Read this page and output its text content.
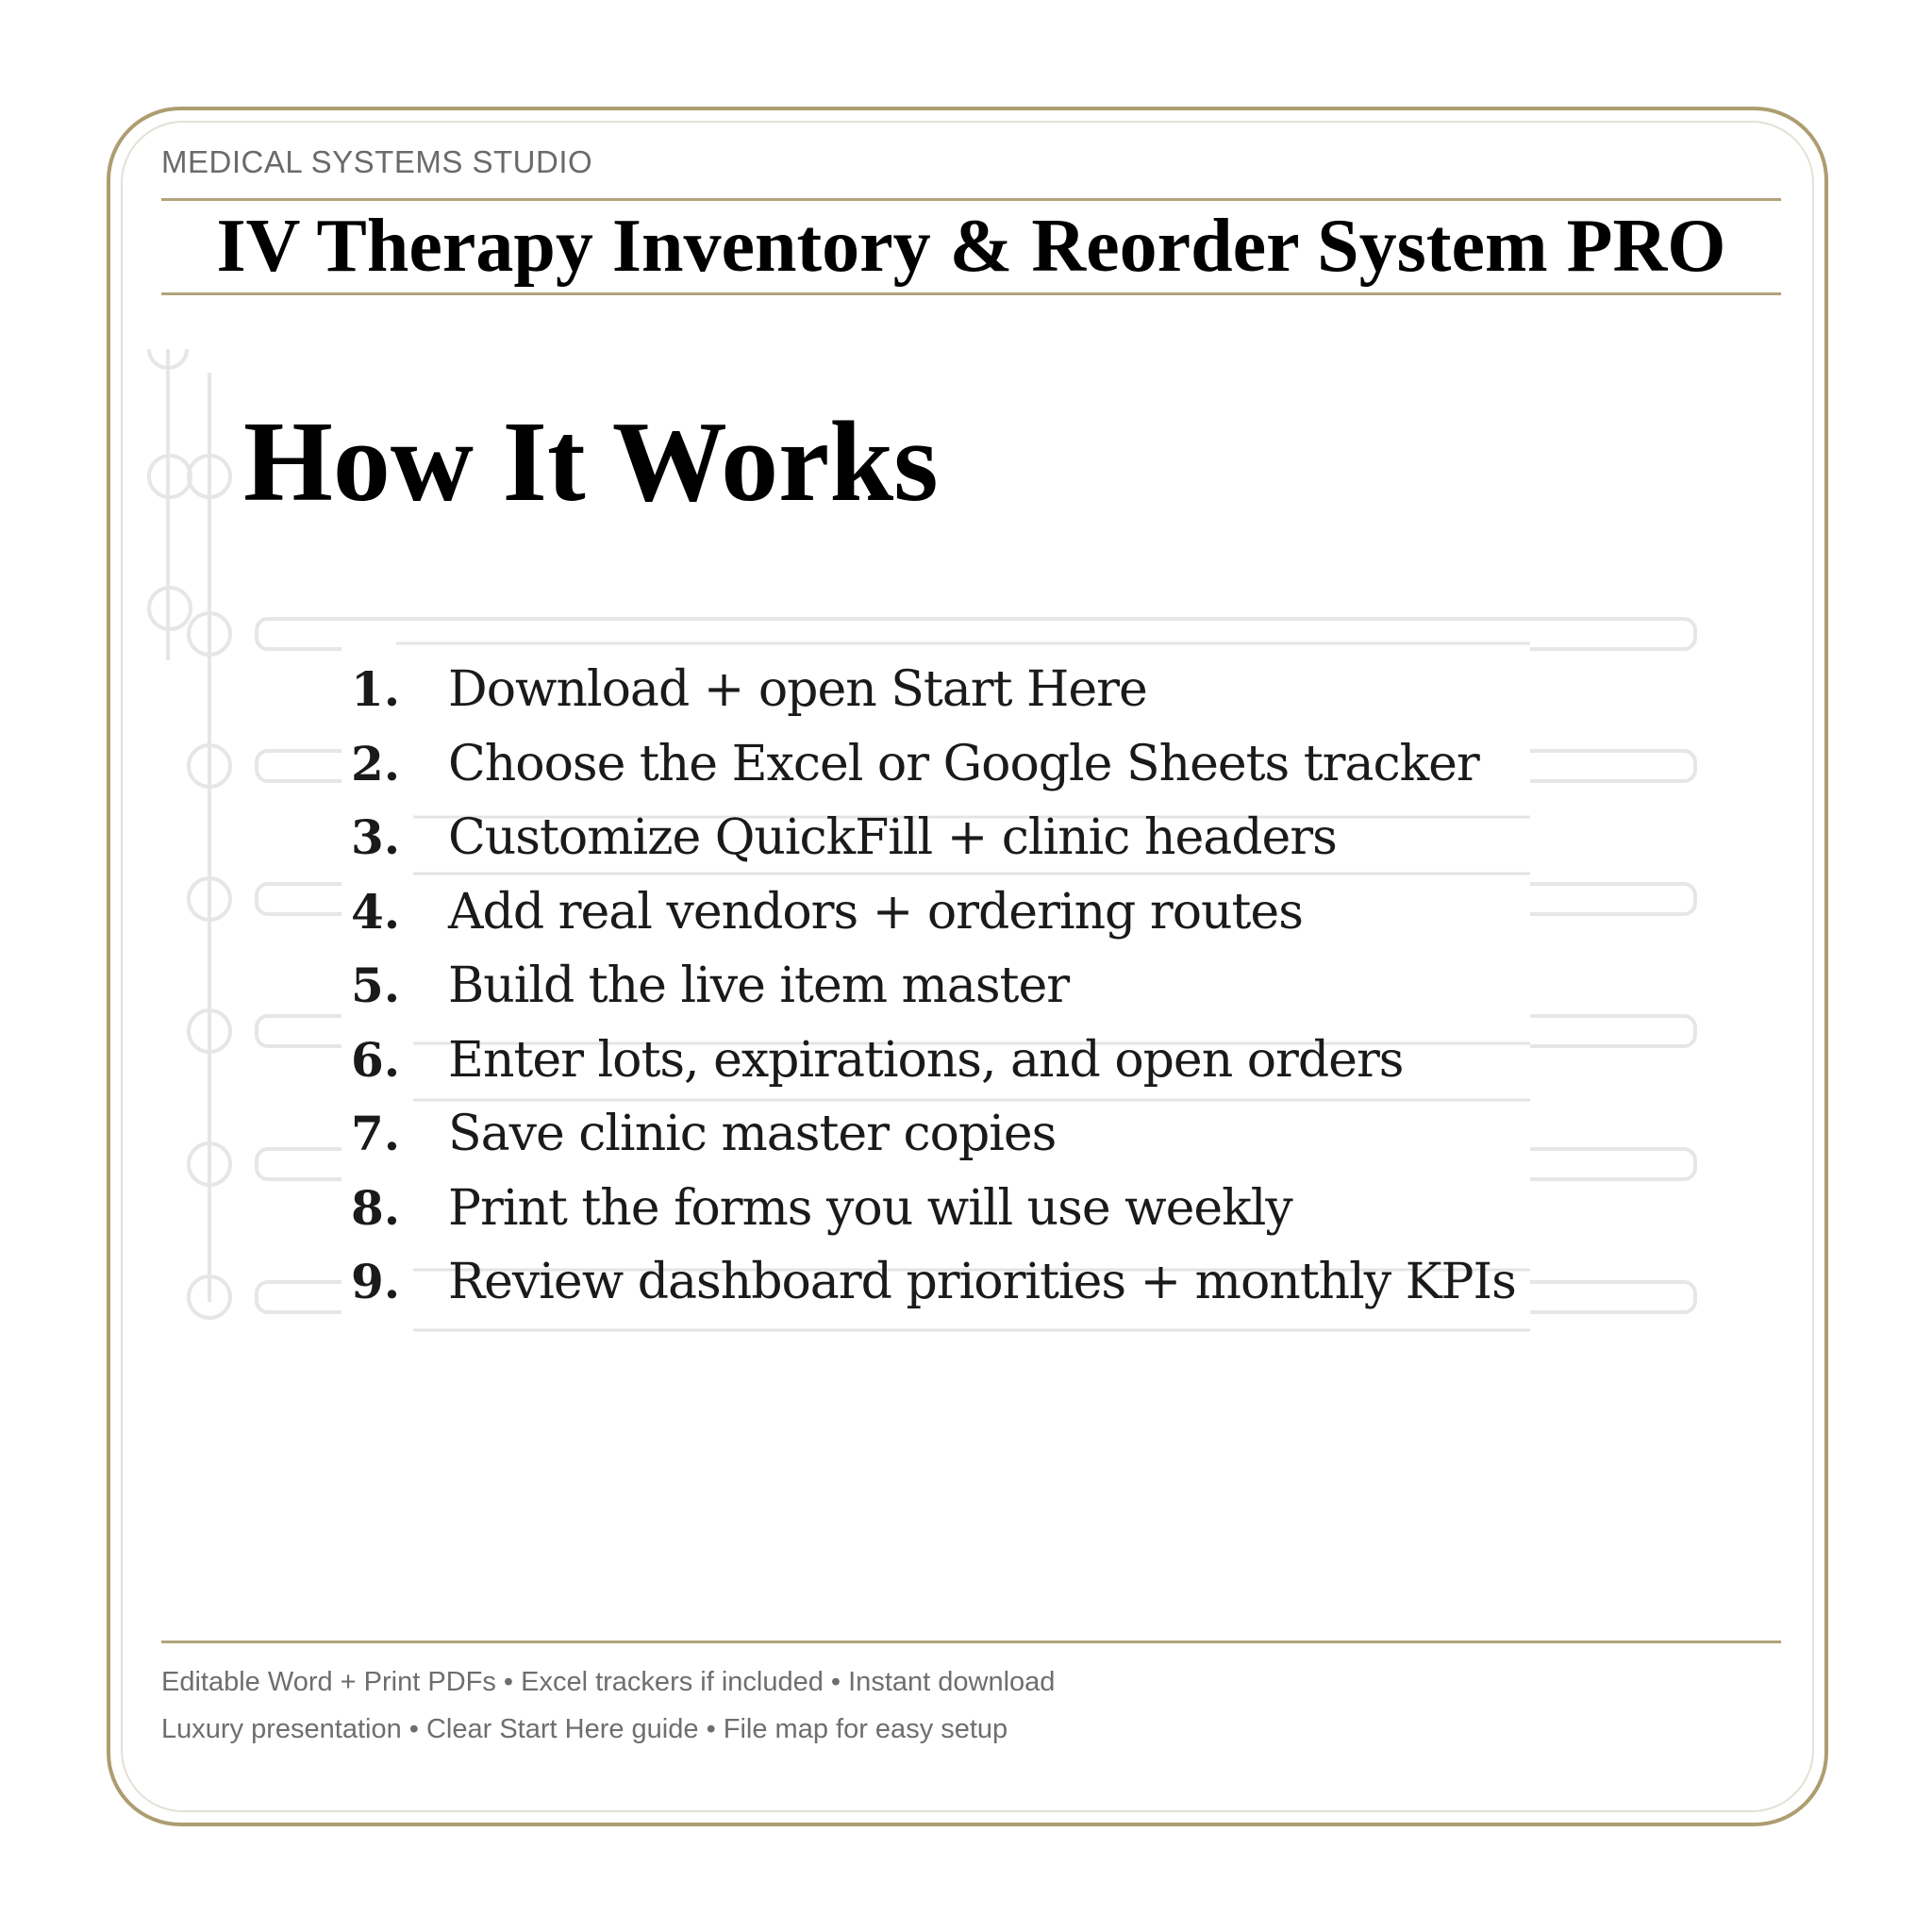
MEDICAL SYSTEMS STUDIO
IV Therapy Inventory & Reorder System PRO
How It Works
1. Download + open Start Here
2. Choose the Excel or Google Sheets tracker
3. Customize QuickFill + clinic headers
4. Add real vendors + ordering routes
5. Build the live item master
6. Enter lots, expirations, and open orders
7. Save clinic master copies
8. Print the forms you will use weekly
9. Review dashboard priorities + monthly KPIs
Editable Word + Print PDFs • Excel trackers if included • Instant download
Luxury presentation • Clear Start Here guide • File map for easy setup
